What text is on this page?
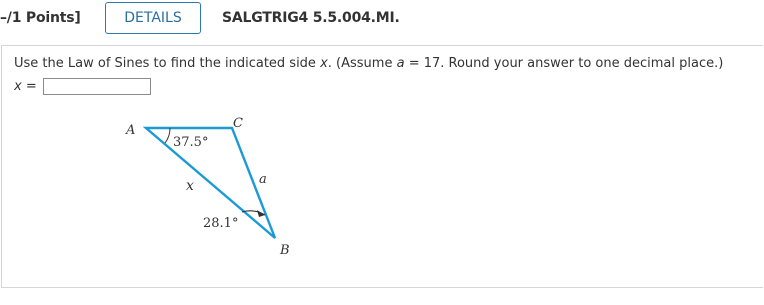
–/1 Points]	DETAILS	SALGTRIG4 5.5.004.MI.
Use the Law of Sines to find the indicated side x. (Assume a = 17. Round your answer to one decimal place.)
x =
A	C
B
37.5°
28.1°
x	a
